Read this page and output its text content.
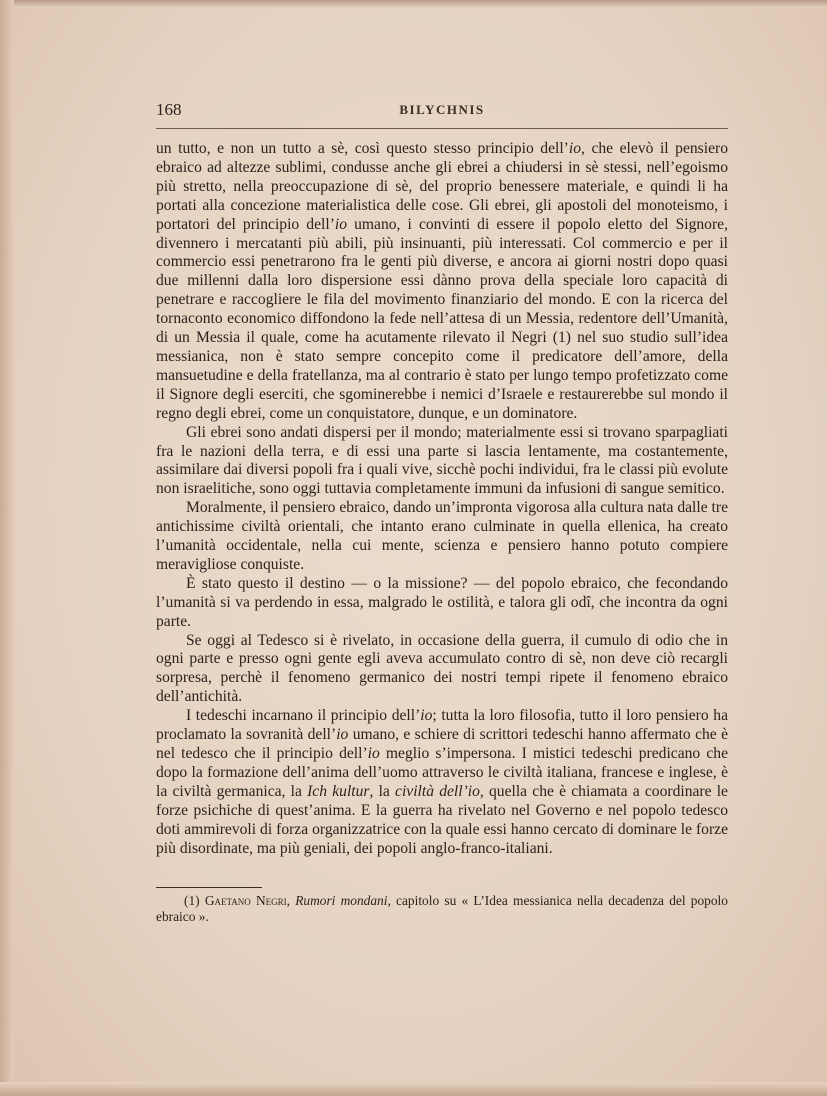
168	BILYCHNIS

un tutto, e non un tutto a sè, così questo stesso principio dell’io, che elevò il pensiero ebraico ad altezze sublimi, condusse anche gli ebrei a chiudersi in sè stessi, nell’egoismo più stretto, nella preoccupazione di sè, del proprio benessere materiale, e quindi li ha portati alla concezione materialistica delle cose. Gli ebrei, gli apostoli del monoteismo, i portatori del principio dell’io umano, i convinti di essere il popolo eletto del Signore, divennero i mercatanti più abili, più insinuanti, più interessati. Col commercio e per il commercio essi penetrarono fra le genti più diverse, e ancora ai giorni nostri dopo quasi due millenni dalla loro dispersione essi dànno prova della speciale loro capacità di penetrare e raccogliere le fila del movimento finanziario del mondo. E con la ricerca del tornaconto economico diffondono la fede nell’attesa di un Messia, redentore dell’Umanità, di un Messia il quale, come ha acutamente rilevato il Negri (1) nel suo studio sull’idea messianica, non è stato sempre concepito come il predicatore dell’amore, della mansuetudine e della fratellanza, ma al contrario è stato per lungo tempo profetizzato come il Signore degli eserciti, che sgominerebbe i nemici d’Israele e restaurerebbe sul mondo il regno degli ebrei, come un conquistatore, dunque, e un dominatore.

Gli ebrei sono andati dispersi per il mondo; materialmente essi si trovano sparpagliati fra le nazioni della terra, e di essi una parte si lascia lentamente, ma costantemente, assimilare dai diversi popoli fra i quali vive, sicchè pochi individui, fra le classi più evolute non israelitiche, sono oggi tuttavia completamente immuni da infusioni di sangue semitico.

Moralmente, il pensiero ebraico, dando un’impronta vigorosa alla cultura nata dalle tre antichissime civiltà orientali, che intanto erano culminate in quella ellenica, ha creato l’umanità occidentale, nella cui mente, scienza e pensiero hanno potuto compiere meravigliose conquiste.

È stato questo il destino — o la missione? — del popolo ebraico, che fecondando l’umanità si va perdendo in essa, malgrado le ostilità, e talora gli odî, che incontra da ogni parte.

Se oggi al Tedesco si è rivelato, in occasione della guerra, il cumulo di odio che in ogni parte e presso ogni gente egli aveva accumulato contro di sè, non deve ciò recargli sorpresa, perchè il fenomeno germanico dei nostri tempi ripete il fenomeno ebraico dell’antichità.

I tedeschi incarnano il principio dell’io; tutta la loro filosofia, tutto il loro pensiero ha proclamato la sovranità dell’io umano, e schiere di scrittori tedeschi hanno affermato che è nel tedesco che il principio dell’io meglio s’impersona. I mistici tedeschi predicano che dopo la formazione dell’anima dell’uomo attraverso le civiltà italiana, francese e inglese, è la civiltà germanica, la Ich kultur, la civiltà dell’io, quella che è chiamata a coordinare le forze psichiche di quest’anima. E la guerra ha rivelato nel Governo e nel popolo tedesco doti ammirevoli di forza organizzatrice con la quale essi hanno cercato di dominare le forze più disordinate, ma più geniali, dei popoli anglo-franco-italiani.

(1) Gaetano Negri, Rumori mondani, capitolo su « L’Idea messianica nella decadenza del popolo ebraico ».
